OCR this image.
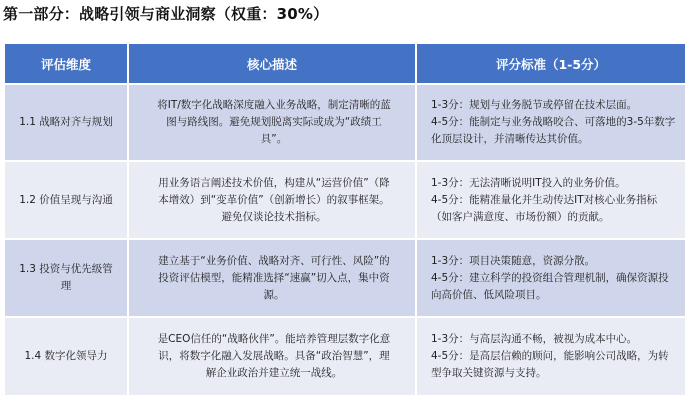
第一部分：战略引领与商业洞察（权重：30%）
评估维度	核心描述	评分标准（1-5分）
1.1 战略对齐与规划	将IT/数字化战略深度融入业务战略，制定清晰的蓝图与路线图。避免规划脱离实际或成为“政绩工具”。	1-3分：规划与业务脱节或停留在技术层面。
4-5分：能制定与业务战略咬合、可落地的3-5年数字化顶层设计，并清晰传达其价值。

1.2 价值呈现与沟通	用业务语言阐述技术价值，构建从“运营价值”（降本增效）到“变革价值”（创新增长）的叙事框架。避免仅谈论技术指标。	1-3分：无法清晰说明IT投入的业务价值。
4-5分：能精准量化并生动传达IT对核心业务指标（如客户满意度、市场份额）的贡献。

1.3 投资与优先级管理	建立基于“业务价值、战略对齐、可行性、风险”的投资评估模型，能精准选择“速赢”切入点，集中资源。	1-3分：项目决策随意，资源分散。
4-5分：建立科学的投资组合管理机制，确保资源投向高价值、低风险项目。

1.4 数字化领导力	是CEO信任的“战略伙伴”。能培养管理层数字化意识，将数字化融入发展战略。具备“政治智慧”，理解企业政治并建立统一战线。	1-3分：与高层沟通不畅，被视为成本中心。
4-5分：是高层信赖的顾问，能影响公司战略，为转型争取关键资源与支持。
